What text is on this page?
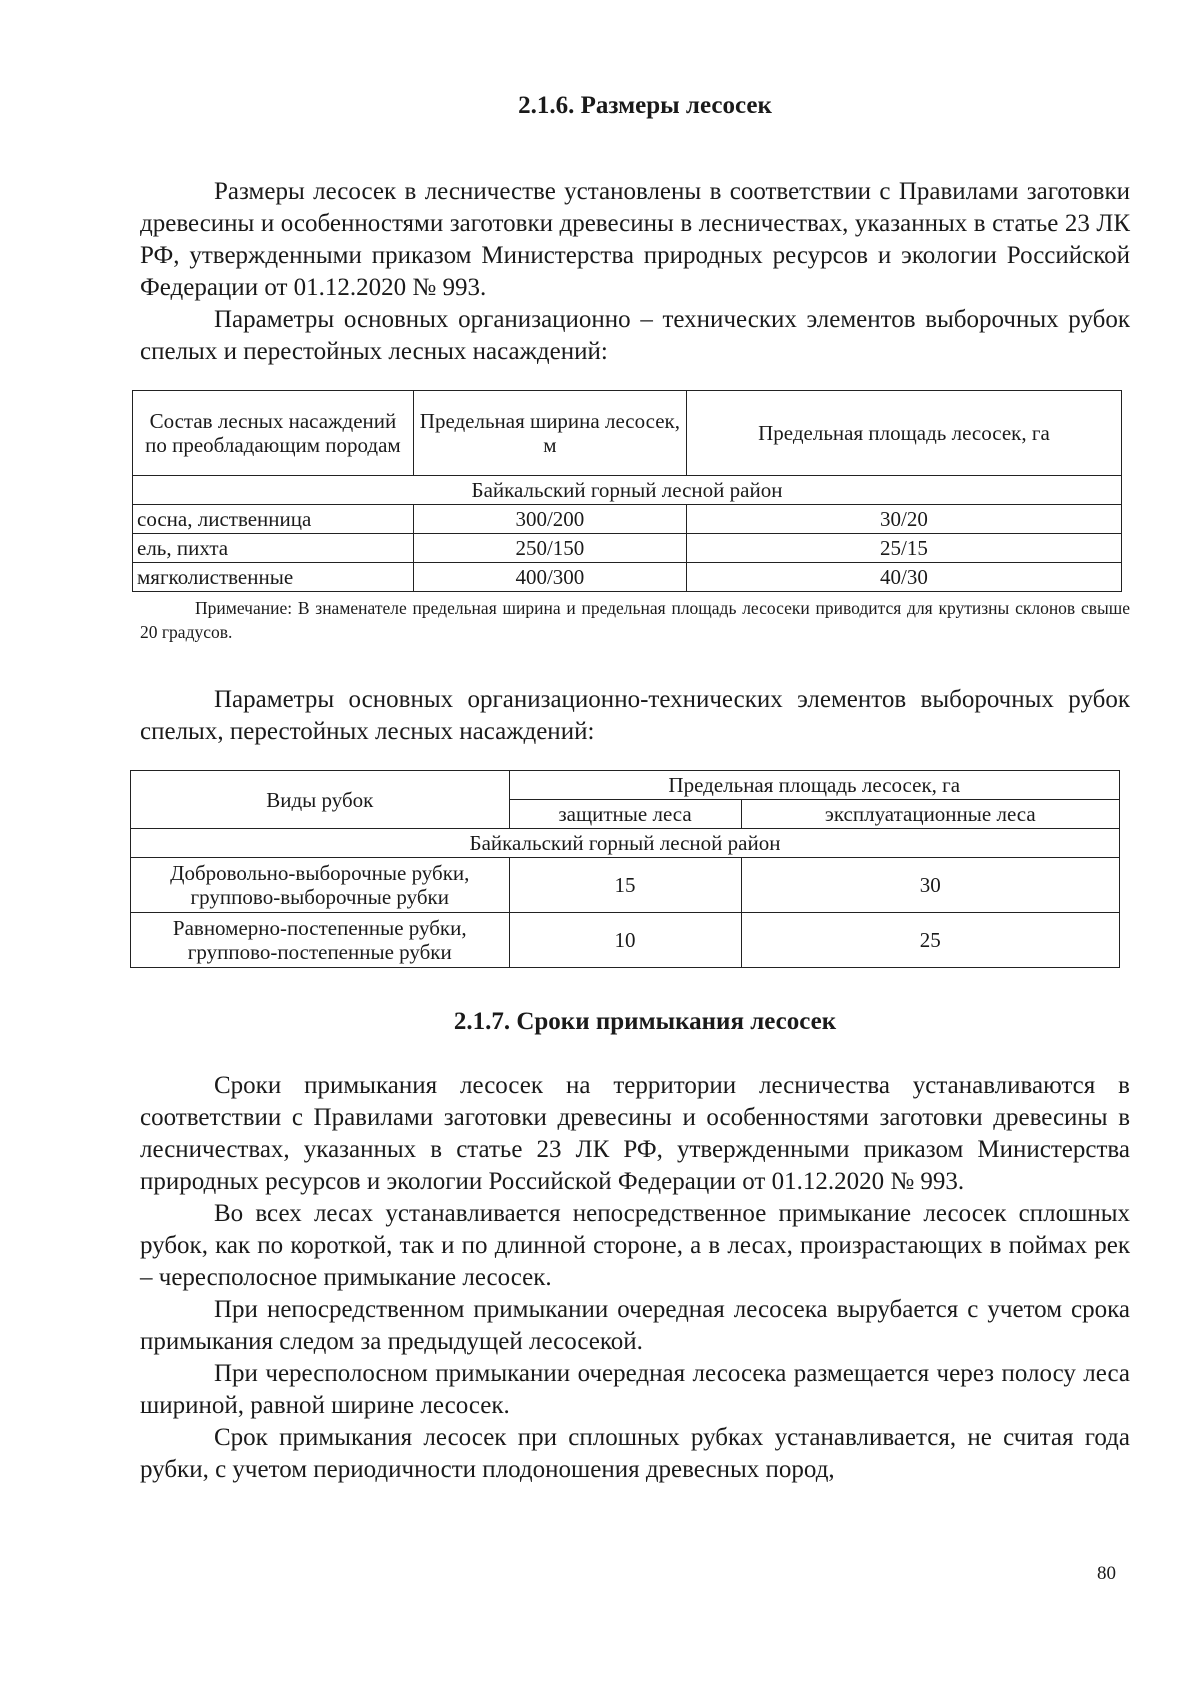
2.1.6. Размеры лесосек

Размеры лесосек в лесничестве установлены в соответствии с Правилами заготовки древесины и особенностями заготовки древесины в лесничествах, указанных в статье 23 ЛК РФ, утвержденными приказом Министерства природных ресурсов и экологии Российской Федерации от 01.12.2020 № 993.

Параметры основных организационно – технических элементов выборочных рубок спелых и перестойных лесных насаждений:

Состав лесных насаждений по преобладающим породам	Предельная ширина лесосек, м	Предельная площадь лесосек, га
Байкальский горный лесной район		
сосна, лиственница	300/200	30/20
ель, пихта	250/150	25/15
мягколиственные	400/300	40/30

Примечание: В знаменателе предельная ширина и предельная площадь лесосеки приводится для крутизны склонов свыше 20 градусов.

Параметры основных организационно-технических элементов выборочных рубок спелых, перестойных лесных насаждений:

Виды рубок	Предельная площадь лесосек, га	
	защитные леса	эксплуатационные леса
Байкальский горный лесной район		
Добровольно-выборочные рубки, групповo-выборочные рубки	15	30
Равномерно-постепенные рубки, группово-постепенные рубки	10	25
2.1.7. Сроки примыкания лесосек

Сроки примыкания лесосек на территории лесничества устанавливаются в соответствии с Правилами заготовки древесины и особенностями заготовки древесины в лесничествах, указанных в статье 23 ЛК РФ, утвержденными приказом Министерства природных ресурсов и экологии Российской Федерации от 01.12.2020 № 993.

Во всех лесах устанавливается непосредственное примыкание лесосек сплошных рубок, как по короткой, так и по длинной стороне, а в лесах, произрастающих в поймах рек – чересполосное примыкание лесосек.

При непосредственном примыкании очередная лесосека вырубается с учетом срока примыкания следом за предыдущей лесосекой.

При чересполосном примыкании очередная лесосека размещается через полосу леса шириной, равной ширине лесосек.

Срок примыкания лесосек при сплошных рубках устанавливается, не считая года рубки, с учетом периодичности плодоношения древесных пород,

80
